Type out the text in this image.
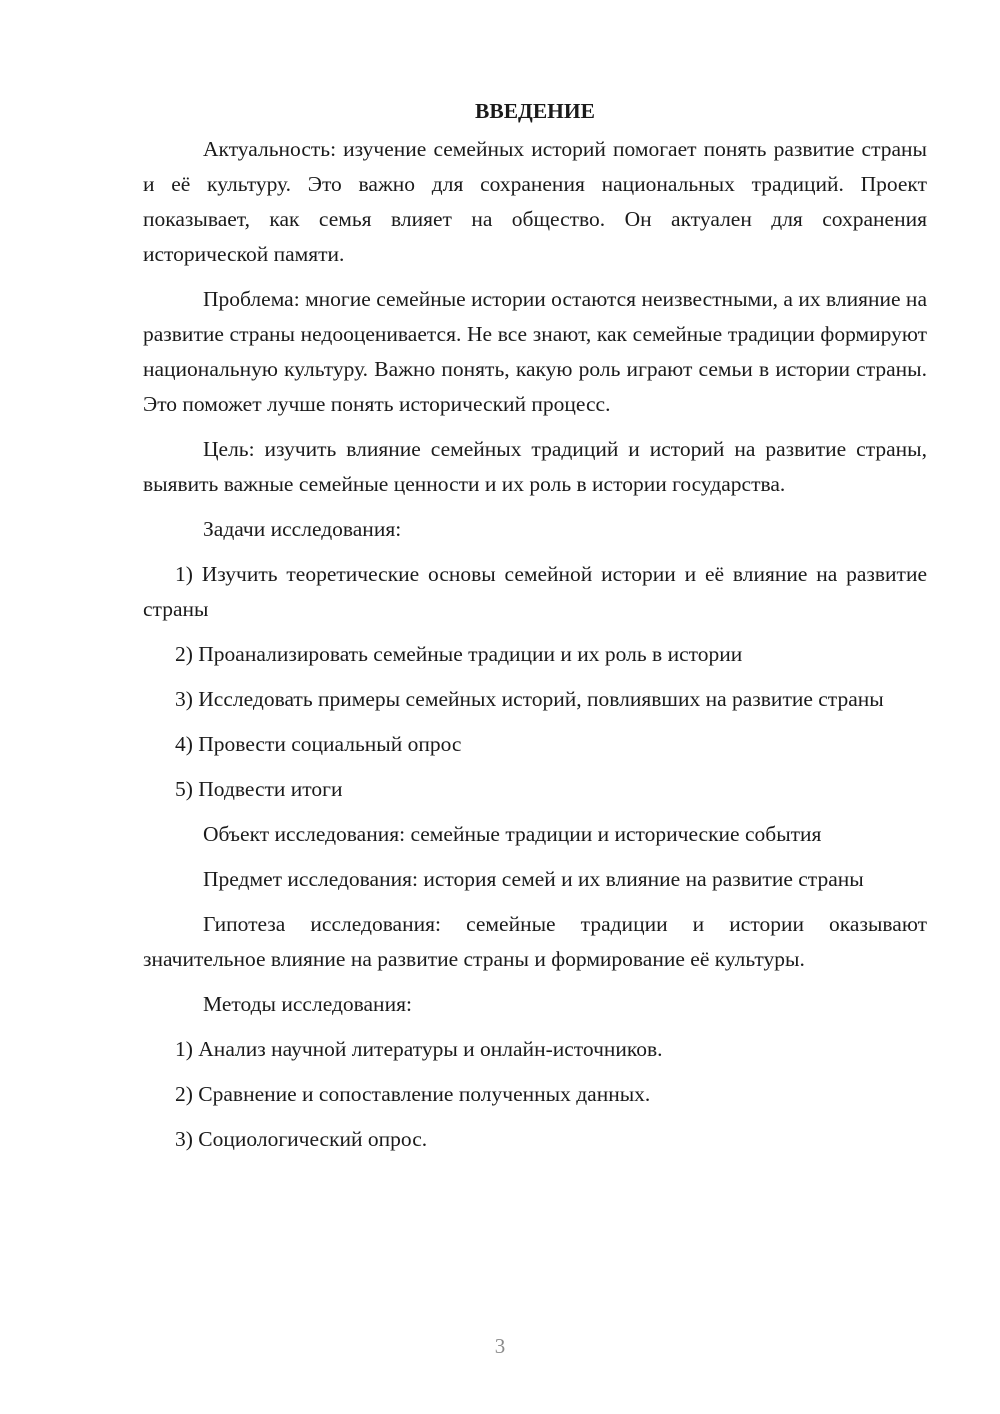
ВВЕДЕНИЕ

Актуальность: изучение семейных историй помогает понять развитие страны и её культуру. Это важно для сохранения национальных традиций. Проект показывает, как семья влияет на общество. Он актуален для сохранения исторической памяти.

Проблема: многие семейные истории остаются неизвестными, а их влияние на развитие страны недооценивается. Не все знают, как семейные традиции формируют национальную культуру. Важно понять, какую роль играют семьи в истории страны. Это поможет лучше понять исторический процесс.

Цель: изучить влияние семейных традиций и историй на развитие страны, выявить важные семейные ценности и их роль в истории государства.

Задачи исследования:

1) Изучить теоретические основы семейной истории и её влияние на развитие страны

2) Проанализировать семейные традиции и их роль в истории

3) Исследовать примеры семейных историй, повлиявших на развитие страны

4) Провести социальный опрос

5) Подвести итоги

Объект исследования: семейные традиции и исторические события

Предмет исследования: история семей и их влияние на развитие страны

Гипотеза исследования: семейные традиции и истории оказывают значительное влияние на развитие страны и формирование её культуры.

Методы исследования:

1) Анализ научной литературы и онлайн-источников.

2) Сравнение и сопоставление полученных данных.

3) Социологический опрос.

3
